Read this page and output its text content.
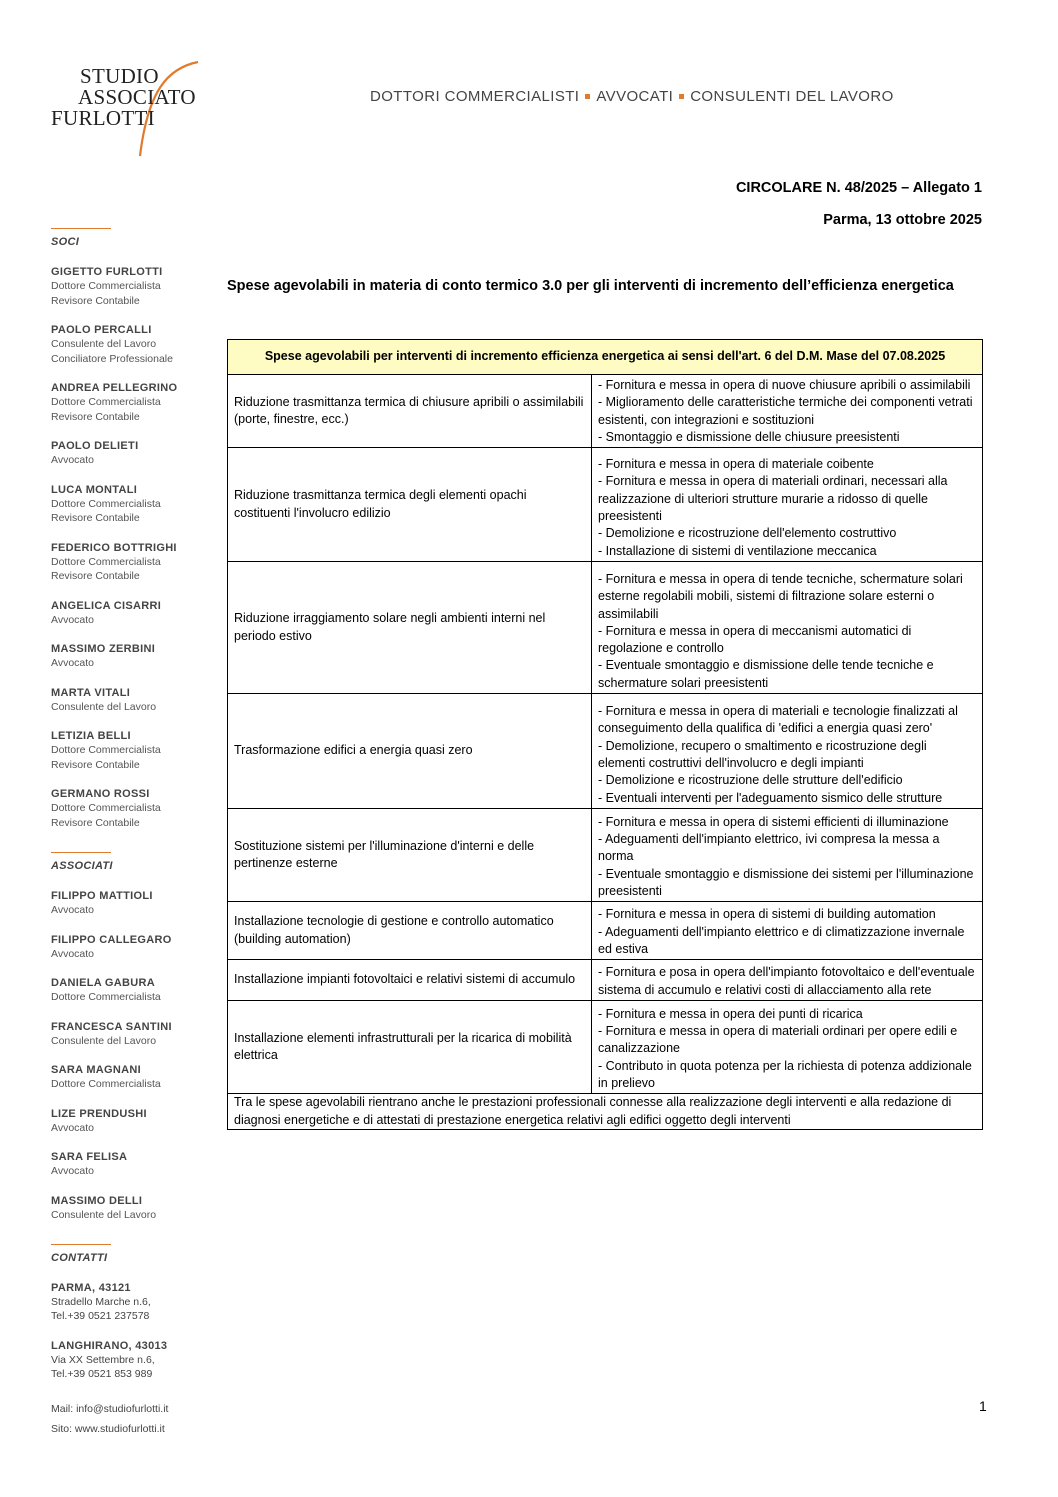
STUDIO
ASSOCIATO
FURLOTTI
DOTTORI COMMERCIALISTI AVVOCATI CONSULENTI DEL LAVORO
SOCI
GIGETTO FURLOTTI
Dottore Commercialista
Revisore Contabile
PAOLO PERCALLI
Consulente del Lavoro
Conciliatore Professionale
ANDREA PELLEGRINO
Dottore Commercialista
Revisore Contabile
PAOLO DELIETI
Avvocato
LUCA MONTALI
Dottore Commercialista
Revisore Contabile
FEDERICO BOTTRIGHI
Dottore Commercialista
Revisore Contabile
ANGELICA CISARRI
Avvocato
MASSIMO ZERBINI
Avvocato
MARTA VITALI
Consulente del Lavoro
LETIZIA BELLI
Dottore Commercialista
Revisore Contabile
GERMANO ROSSI
Dottore Commercialista
Revisore Contabile
ASSOCIATI
FILIPPO MATTIOLI
Avvocato
FILIPPO CALLEGARO
Avvocato
DANIELA GABURA
Dottore Commercialista
FRANCESCA SANTINI
Consulente del Lavoro
SARA MAGNANI
Dottore Commercialista
LIZE PRENDUSHI
Avvocato
SARA FELISA
Avvocato
MASSIMO DELLI
Consulente del Lavoro
CONTATTI
PARMA, 43121
Stradello Marche n.6,
Tel.+39 0521 237578
LANGHIRANO, 43013
Via XX Settembre n.6,
Tel.+39 0521 853 989
Mail: info@studiofurlotti.it
Sito: www.studiofurlotti.it
CIRCOLARE N. 48/2025 – Allegato 1
Parma, 13 ottobre 2025
Spese agevolabili in materia di conto termico 3.0 per gli interventi di incremento dell’efficienza energetica
Spese agevolabili per interventi di incremento efficienza energetica ai sensi dell'art. 6 del D.M. Mase del 07.08.2025	
Riduzione trasmittanza termica di chiusure apribili o assimilabili (porte, finestre, ecc.)	- Fornitura e messa in opera di nuove chiusure apribili o assimilabili
- Miglioramento delle caratteristiche termiche dei componenti vetrati esistenti, con integrazioni e sostituzioni
- Smontaggio e dismissione delle chiusure preesistenti

Riduzione trasmittanza termica degli elementi opachi costituenti l'involucro edilizio	- Fornitura e messa in opera di materiale coibente
- Fornitura e messa in opera di materiali ordinari, necessari alla realizzazione di ulteriori strutture murarie a ridosso di quelle preesistenti
- Demolizione e ricostruzione dell'elemento costruttivo
- Installazione di sistemi di ventilazione meccanica

Riduzione irraggiamento solare negli ambienti interni nel periodo estivo	- Fornitura e messa in opera di tende tecniche, schermature solari esterne regolabili mobili, sistemi di filtrazione solare esterni o assimilabili
- Fornitura e messa in opera di meccanismi automatici di regolazione e controllo
- Eventuale smontaggio e dismissione delle tende tecniche e schermature solari preesistenti

Trasformazione edifici a energia quasi zero	- Fornitura e messa in opera di materiali e tecnologie finalizzati al conseguimento della qualifica di 'edifici a energia quasi zero'
- Demolizione, recupero o smaltimento e ricostruzione degli elementi costruttivi dell'involucro e degli impianti
- Demolizione e ricostruzione delle strutture dell'edificio
- Eventuali interventi per l'adeguamento sismico delle strutture

Sostituzione sistemi per l'illuminazione d'interni e delle pertinenze esterne	- Fornitura e messa in opera di sistemi efficienti di illuminazione
- Adeguamenti dell'impianto elettrico, ivi compresa la messa a norma
- Eventuale smontaggio e dismissione dei sistemi per l'illuminazione preesistenti

Installazione tecnologie di gestione e controllo automatico (building automation)	- Fornitura e messa in opera di sistemi di building automation
- Adeguamenti dell'impianto elettrico e di climatizzazione invernale ed estiva

Installazione impianti fotovoltaici e relativi sistemi di accumulo	- Fornitura e posa in opera dell'impianto fotovoltaico e dell'eventuale sistema di accumulo e relativi costi di allacciamento alla rete

Installazione elementi infrastrutturali per la ricarica di mobilità elettrica	- Fornitura e messa in opera dei punti di ricarica
- Fornitura e messa in opera di materiali ordinari per opere edili e canalizzazione
- Contributo in quota potenza per la richiesta di potenza addizionale in prelievo

Tra le spese agevolabili rientrano anche le prestazioni professionali connesse alla realizzazione degli interventi e alla redazione di diagnosi energetiche e di attestati di prestazione energetica relativi agli edifici oggetto degli interventi	
1
